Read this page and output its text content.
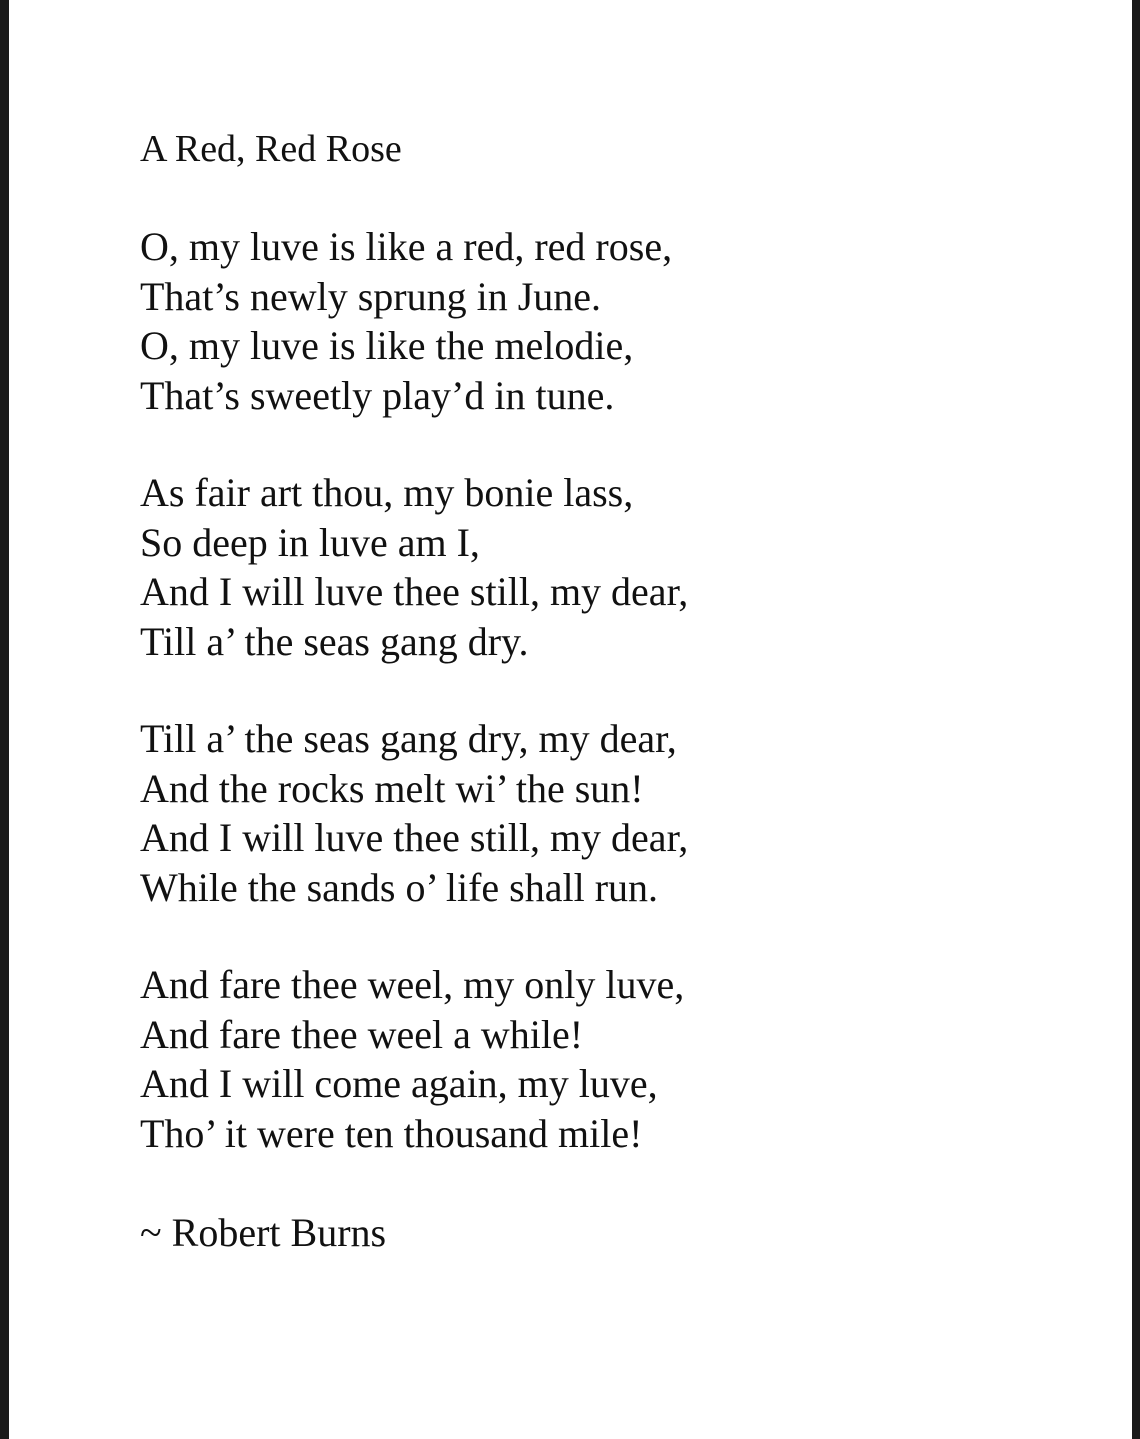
A Red, Red Rose
O, my luve is like a red, red rose,
That’s newly sprung in June.
O, my luve is like the melodie,
That’s sweetly play’d in tune.
As fair art thou, my bonie lass,
So deep in luve am I,
And I will luve thee still, my dear,
Till a’ the seas gang dry.
Till a’ the seas gang dry, my dear,
And the rocks melt wi’ the sun!
And I will luve thee still, my dear,
While the sands o’ life shall run.
And fare thee weel, my only luve,
And fare thee weel a while!
And I will come again, my luve,
Tho’ it were ten thousand mile!
~ Robert Burns
